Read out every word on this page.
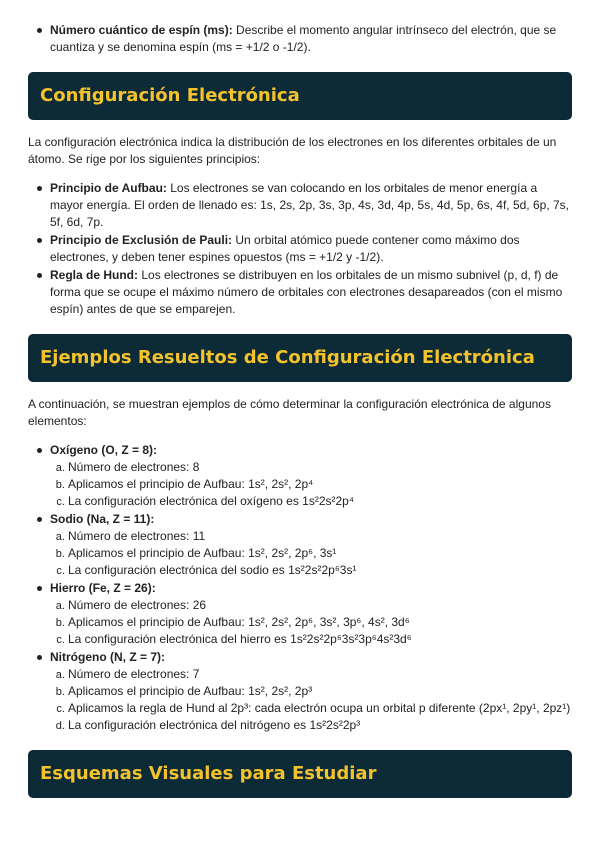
Número cuántico de espín (ms): Describe el momento angular intrínseco del electrón, que se cuantiza y se denomina espín (ms = +1/2 o -1/2).
Configuración Electrónica

La configuración electrónica indica la distribución de los electrones en los diferentes orbitales de un átomo. Se rige por los siguientes principios:

Principio de Aufbau: Los electrones se van colocando en los orbitales de menor energía a mayor energía. El orden de llenado es: 1s, 2s, 2p, 3s, 3p, 4s, 3d, 4p, 5s, 4d, 5p, 6s, 4f, 5d, 6p, 7s, 5f, 6d, 7p.
Principio de Exclusión de Pauli: Un orbital atómico puede contener como máximo dos electrones, y deben tener espines opuestos (ms = +1/2 y -1/2).
Regla de Hund: Los electrones se distribuyen en los orbitales de un mismo subnivel (p, d, f) de forma que se ocupe el máximo número de orbitales con electrones desapareados (con el mismo espín) antes de que se emparejen.
Ejemplos Resueltos de Configuración Electrónica

A continuación, se muestran ejemplos de cómo determinar la configuración electrónica de algunos elementos:

Oxígeno (O, Z = 8):
a. Número de electrones: 8
b. Aplicamos el principio de Aufbau: 1s², 2s², 2p⁴
c. La configuración electrónica del oxígeno es 1s²2s²2p⁴
Sodio (Na, Z = 11):
a. Número de electrones: 11
b. Aplicamos el principio de Aufbau: 1s², 2s², 2p⁶, 3s¹
c. La configuración electrónica del sodio es 1s²2s²2p⁶3s¹
Hierro (Fe, Z = 26):
a. Número de electrones: 26
b. Aplicamos el principio de Aufbau: 1s², 2s², 2p⁶, 3s², 3p⁶, 4s², 3d⁶
c. La configuración electrónica del hierro es 1s²2s²2p⁶3s²3p⁶4s²3d⁶
Nitrógeno (N, Z = 7):
a. Número de electrones: 7
b. Aplicamos el principio de Aufbau: 1s², 2s², 2p³
c. Aplicamos la regla de Hund al 2p³: cada electrón ocupa un orbital p diferente (2px¹, 2py¹, 2pz¹)
d. La configuración electrónica del nitrógeno es 1s²2s²2p³
Esquemas Visuales para Estudiar
